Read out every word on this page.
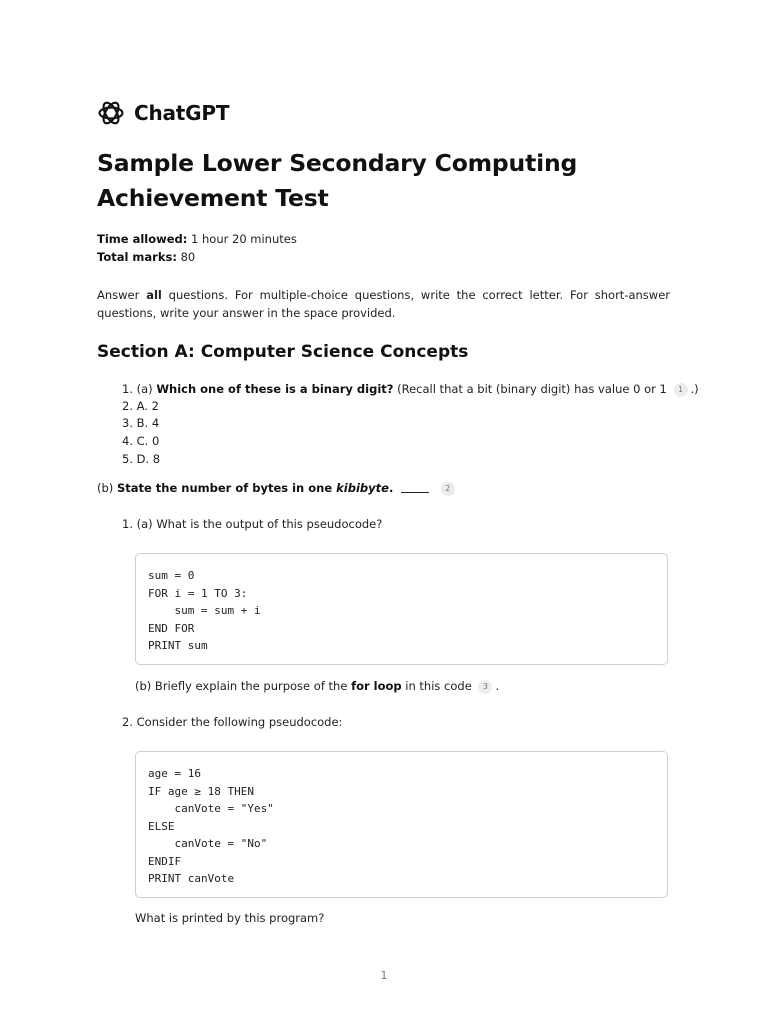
ChatGPT
Sample Lower Secondary Computing Achievement Test
Time allowed: 1 hour 20 minutes
Total marks: 80

Answer all questions. For multiple-choice questions, write the correct letter. For short-answer questions, write your answer in the space provided.

Section A: Computer Science Concepts
1. (a) Which one of these is a binary digit? (Recall that a bit (binary digit) has value 0 or 1 1 .)
2. A. 2
3. B. 4
4. C. 0
5. D. 8
(b) State the number of bytes in one kibibyte.	2
1. (a) What is the output of this pseudocode?
sum = 0
FOR i = 1 TO 3:
sum = sum + i
END FOR
PRINT sum
(b) Briefly explain the purpose of the for loop in this code 3 .
2. Consider the following pseudocode:
age = 16
IF age ≥ 18 THEN
canVote = "Yes"
ELSE
canVote = "No"
ENDIF
PRINT canVote
What is printed by this program?
1
